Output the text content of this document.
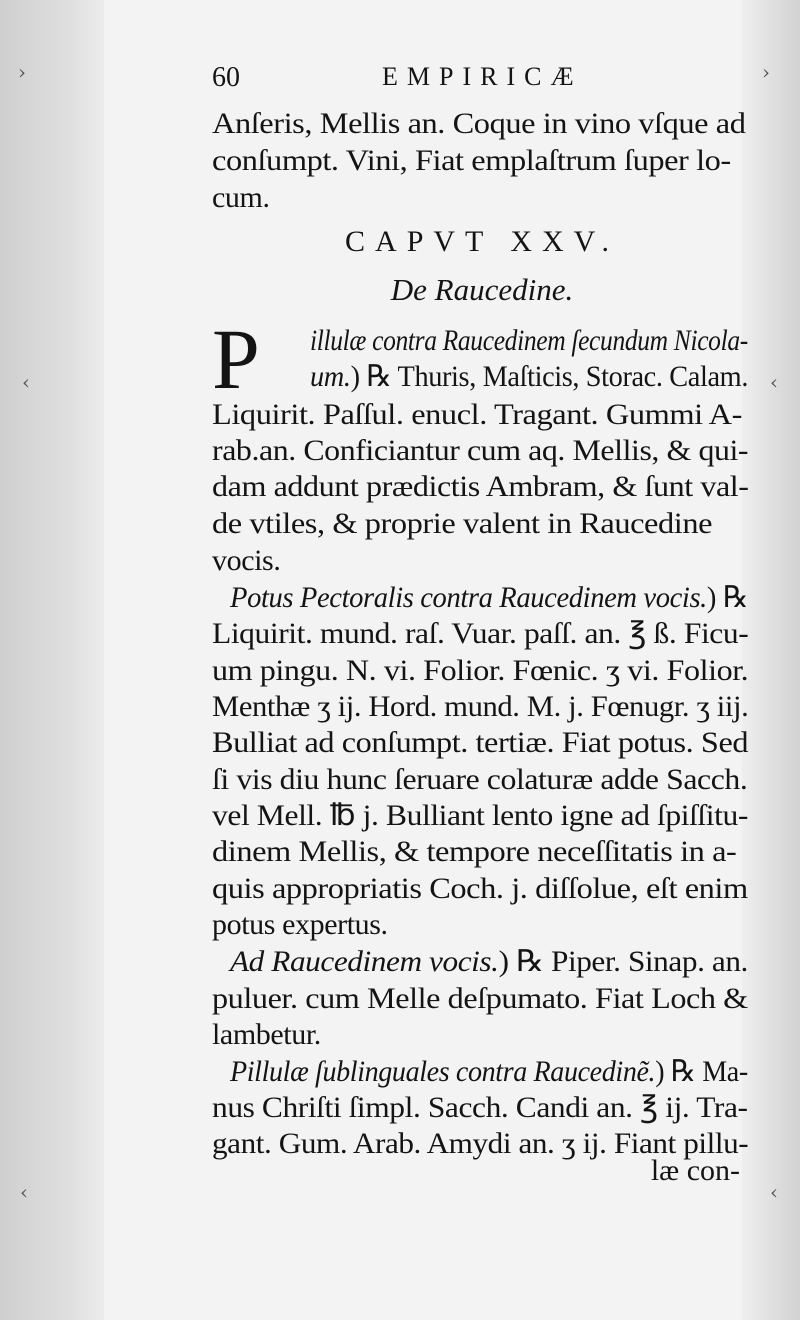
›	›
‹	‹
‹	‹
60	EMPIRICÆ
Anſeris, Mellis an. Coque in vino vſque ad
conſumpt. Vini, Fiat emplaſtrum ſuper lo-
cum.
illulæ contra Raucedinem ſecundum Nicola-
um.) ℞ Thuris, Maſticis, Storac. Calam.
Liquirit. Paſſul. enucl. Tragant. Gummi A-
rab.an. Conficiantur cum aq. Mellis, & qui-
dam addunt prædictis Ambram, & ſunt val-
de vtiles, & proprie valent in Raucedine
vocis.
Potus Pectoralis contra Raucedinem vocis.) ℞
Liquirit. mund. raſ. Vuar. paſſ. an. ℥ ß. Ficu-
um pingu. N. vi. Folior. Fœnic. ʒ vi. Folior.
Menthæ ʒ ij. Hord. mund. M. j. Fœnugr. ʒ iij.
Bulliat ad conſumpt. tertiæ. Fiat potus. Sed
ſi vis diu hunc ſeruare colaturæ adde Sacch.
vel Mell. ℔ j. Bulliant lento igne ad ſpiſſitu-
dinem Mellis, & tempore neceſſitatis in a-
quis appropriatis Coch. j. diſſolue, eſt enim
potus expertus.
Ad Raucedinem vocis.) ℞ Piper. Sinap. an.
puluer. cum Melle deſpumato. Fiat Loch &
lambetur.
Pillulæ ſublinguales contra Raucedinẽ.) ℞ Ma-
nus Chriſti ſimpl. Sacch. Candi an. ℥ ij. Tra-
gant. Gum. Arab. Amydi an. ʒ ij. Fiant pillu-
CAPVT XXV.
De Raucedine.
P
læ con-
